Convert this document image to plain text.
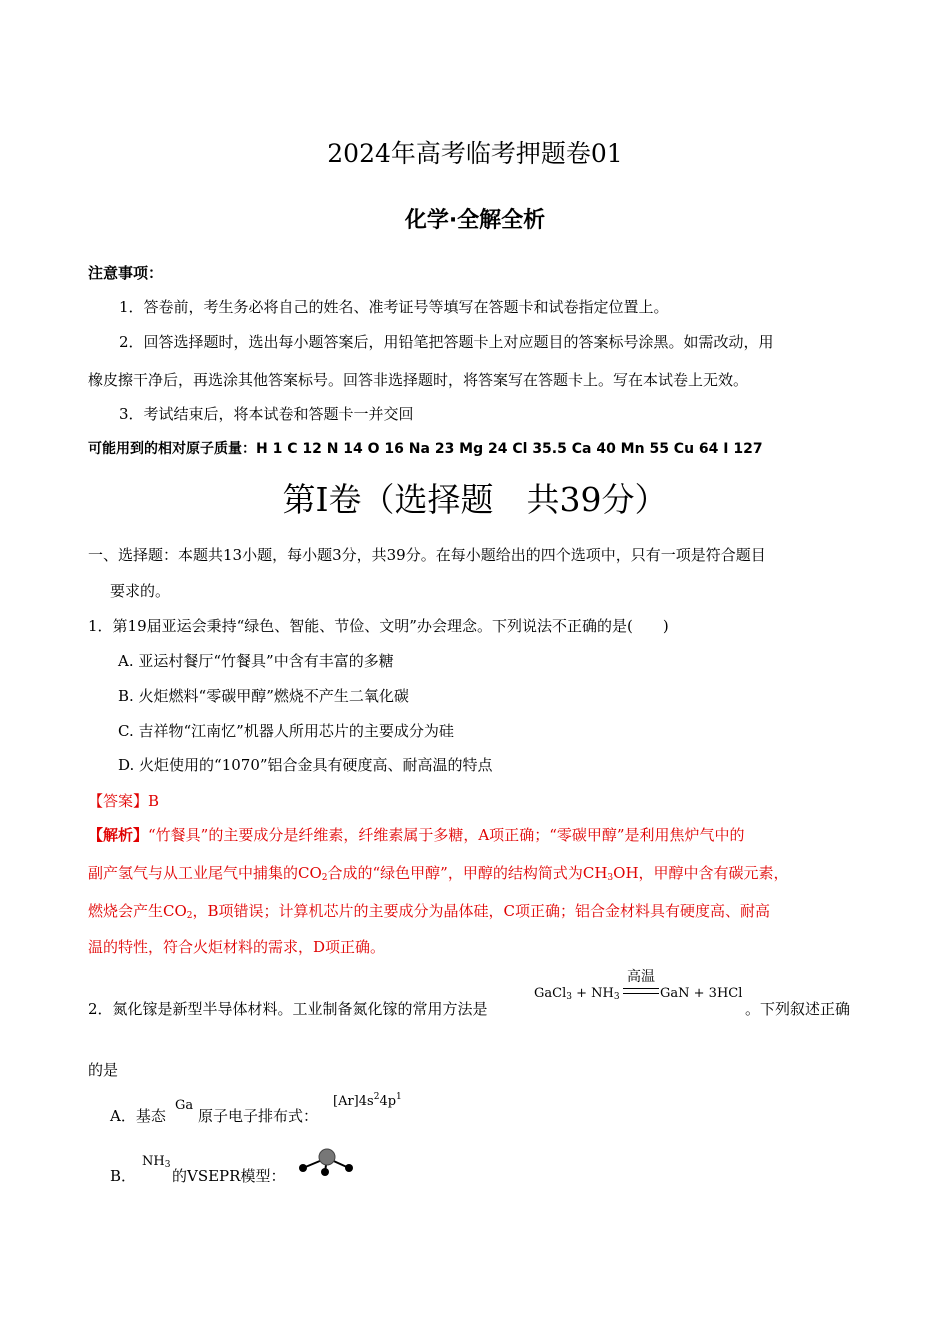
2024年高考临考押题卷01
化学·全解全析
注意事项：
1．答卷前，考生务必将自己的姓名、准考证号等填写在答题卡和试卷指定位置上。
2．回答选择题时，选出每小题答案后，用铅笔把答题卡上对应题目的答案标号涂黑。如需改动，用
橡皮擦干净后，再选涂其他答案标号。回答非选择题时，将答案写在答题卡上。写在本试卷上无效。
3．考试结束后，将本试卷和答题卡一并交回
可能用到的相对原子质量：H 1 C 12 N 14 O 16 Na 23 Mg 24 Cl 35.5 Ca 40 Mn 55 Cu 64 I 127
第Ⅰ卷（选择题　共39分）
一、选择题：本题共13小题，每小题3分，共39分。在每小题给出的四个选项中，只有一项是符合题目
要求的。
1．第19届亚运会秉持“绿色、智能、节俭、文明”办会理念。下列说法不正确的是(　　)
A. 亚运村餐厅“竹餐具”中含有丰富的多糖
B. 火炬燃料“零碳甲醇”燃烧不产生二氧化碳
C. 吉祥物“江南忆”机器人所用芯片的主要成分为硅
D. 火炬使用的“1070”铝合金具有硬度高、耐高温的特点
【答案】B
【解析】“竹餐具”的主要成分是纤维素，纤维素属于多糖，A项正确；“零碳甲醇”是利用焦炉气中的
副产氢气与从工业尾气中捕集的$CO_2$合成的“绿色甲醇”，甲醇的结构简式为$CH_3OH$，甲醇中含有碳元素，
燃烧会产生$CO_2$，B项错误；计算机芯片的主要成分为晶体硅，C项正确；铝合金材料具有硬度高、耐高
温的特性，符合火炬材料的需求，D项正确。
2．氮化镓是新型半导体材料。工业制备氮化镓的常用方法是
GaCl$_3$ + $NH_3$
高温
GaN + 3HCl
。下列叙述正确
的是
A．基态
Ga
原子电子排布式：
$[Ar]4s^24p^1$
B．
$NH_3$
的VSEPR模型：
